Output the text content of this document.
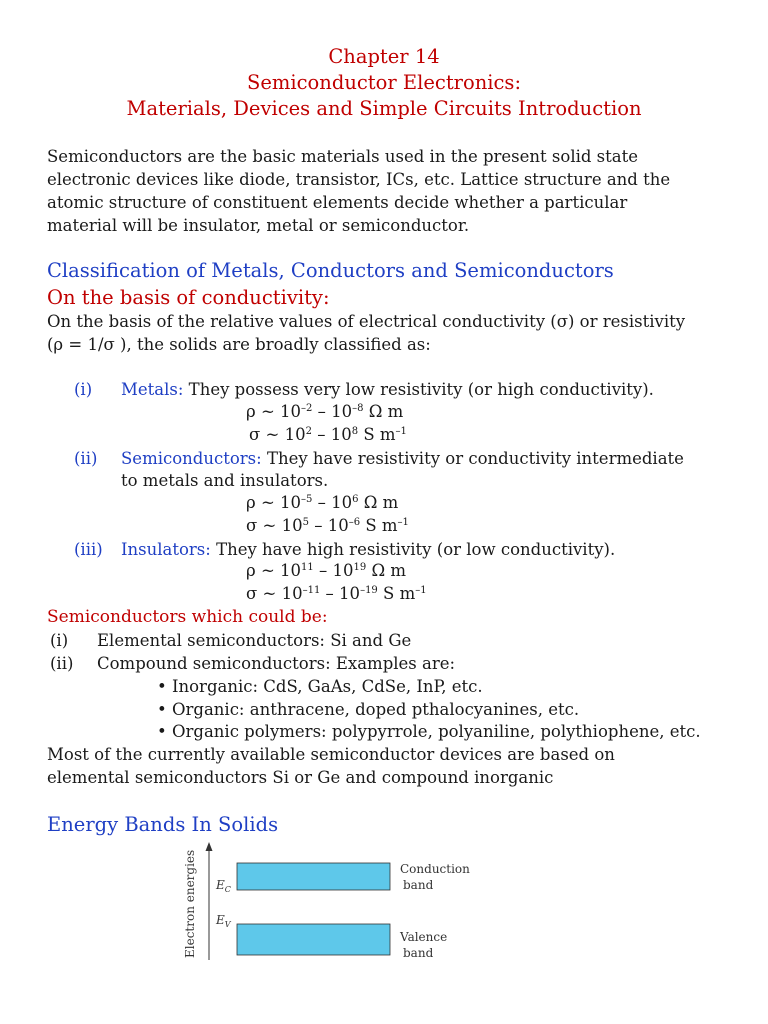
Chapter 14
Semiconductor Electronics:
Materials, Devices and Simple Circuits Introduction
Semiconductors are the basic materials used in the present solid state
electronic devices like diode, transistor, ICs, etc. Lattice structure and the
atomic structure of constituent elements decide whether a particular
material will be insulator, metal or semiconductor.
Classification of Metals, Conductors and Semiconductors
On the basis of conductivity:
On the basis of the relative values of electrical conductivity (σ) or resistivity
(ρ = 1/σ ), the solids are broadly classified as:
(i) Metals: They possess very low resistivity (or high conductivity).
ρ ~ $10^{-2} - 10^{-8}$ Ω m
σ ~ $10^2 - 10^8$ S $m^{-1}$
(ii) Semiconductors: They have resistivity or conductivity intermediate
to metals and insulators.
ρ ~ $10^{-5} - 10^6$ Ω m
σ ~ $10^5 - 10^{-6}$ S $m^{-1}$
(iii) Insulators: They have high resistivity (or low conductivity).
ρ ~ $10^{11} - 10^{19}$ Ω m
σ ~ $10^{-11} - 10^{-19}$ S $m^{-1}$
Semiconductors which could be:
(i) Elemental semiconductors: Si and Ge
(ii) Compound semiconductors: Examples are:
• Inorganic: CdS, GaAs, CdSe, InP, etc.
• Organic: anthracene, doped pthalocyanines, etc.
• Organic polymers: polypyrrole, polyaniline, polythiophene, etc.
Most of the currently available semiconductor devices are based on
elemental semiconductors Si or Ge and compound inorganic
Energy Bands In Solids
Electron energies $E_C$
$E_V$
Conduction
band
Valence
band
